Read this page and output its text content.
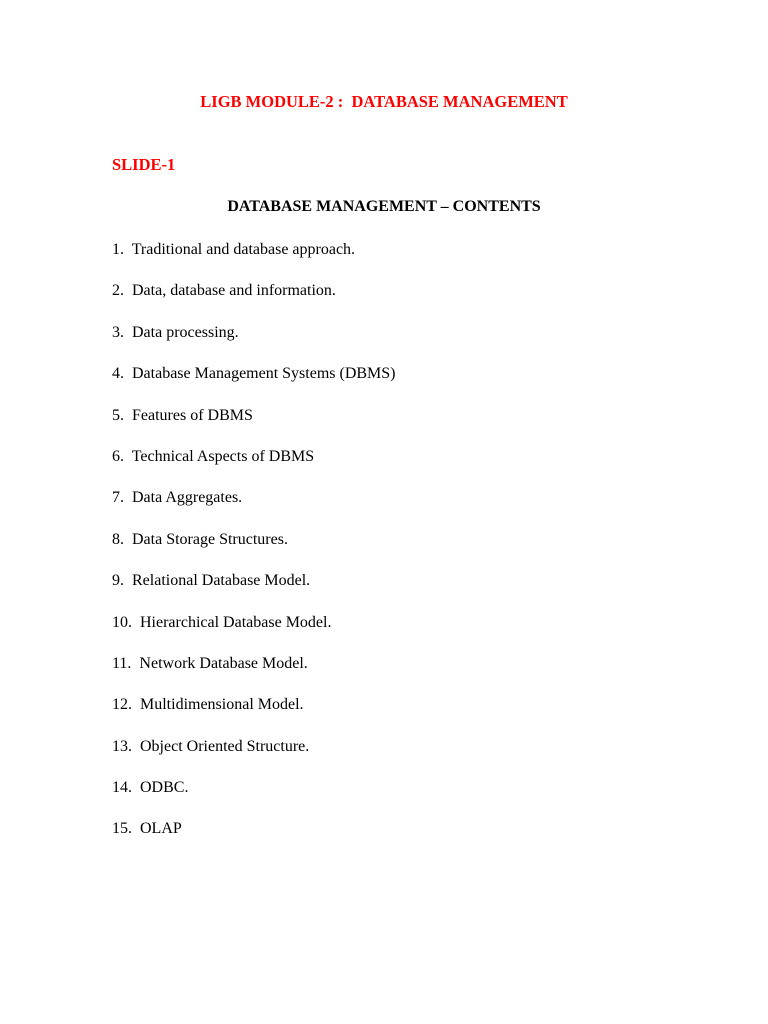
LIGB MODULE-2 :  DATABASE MANAGEMENT
SLIDE-1
DATABASE MANAGEMENT – CONTENTS
1.  Traditional and database approach.
2.  Data, database and information.
3.  Data processing.
4.  Database Management Systems (DBMS)
5.  Features of DBMS
6.  Technical Aspects of DBMS
7.  Data Aggregates.
8.  Data Storage Structures.
9.  Relational Database Model.
10.  Hierarchical Database Model.
11.  Network Database Model.
12.  Multidimensional Model.
13.  Object Oriented Structure.
14.  ODBC.
15.  OLAP
